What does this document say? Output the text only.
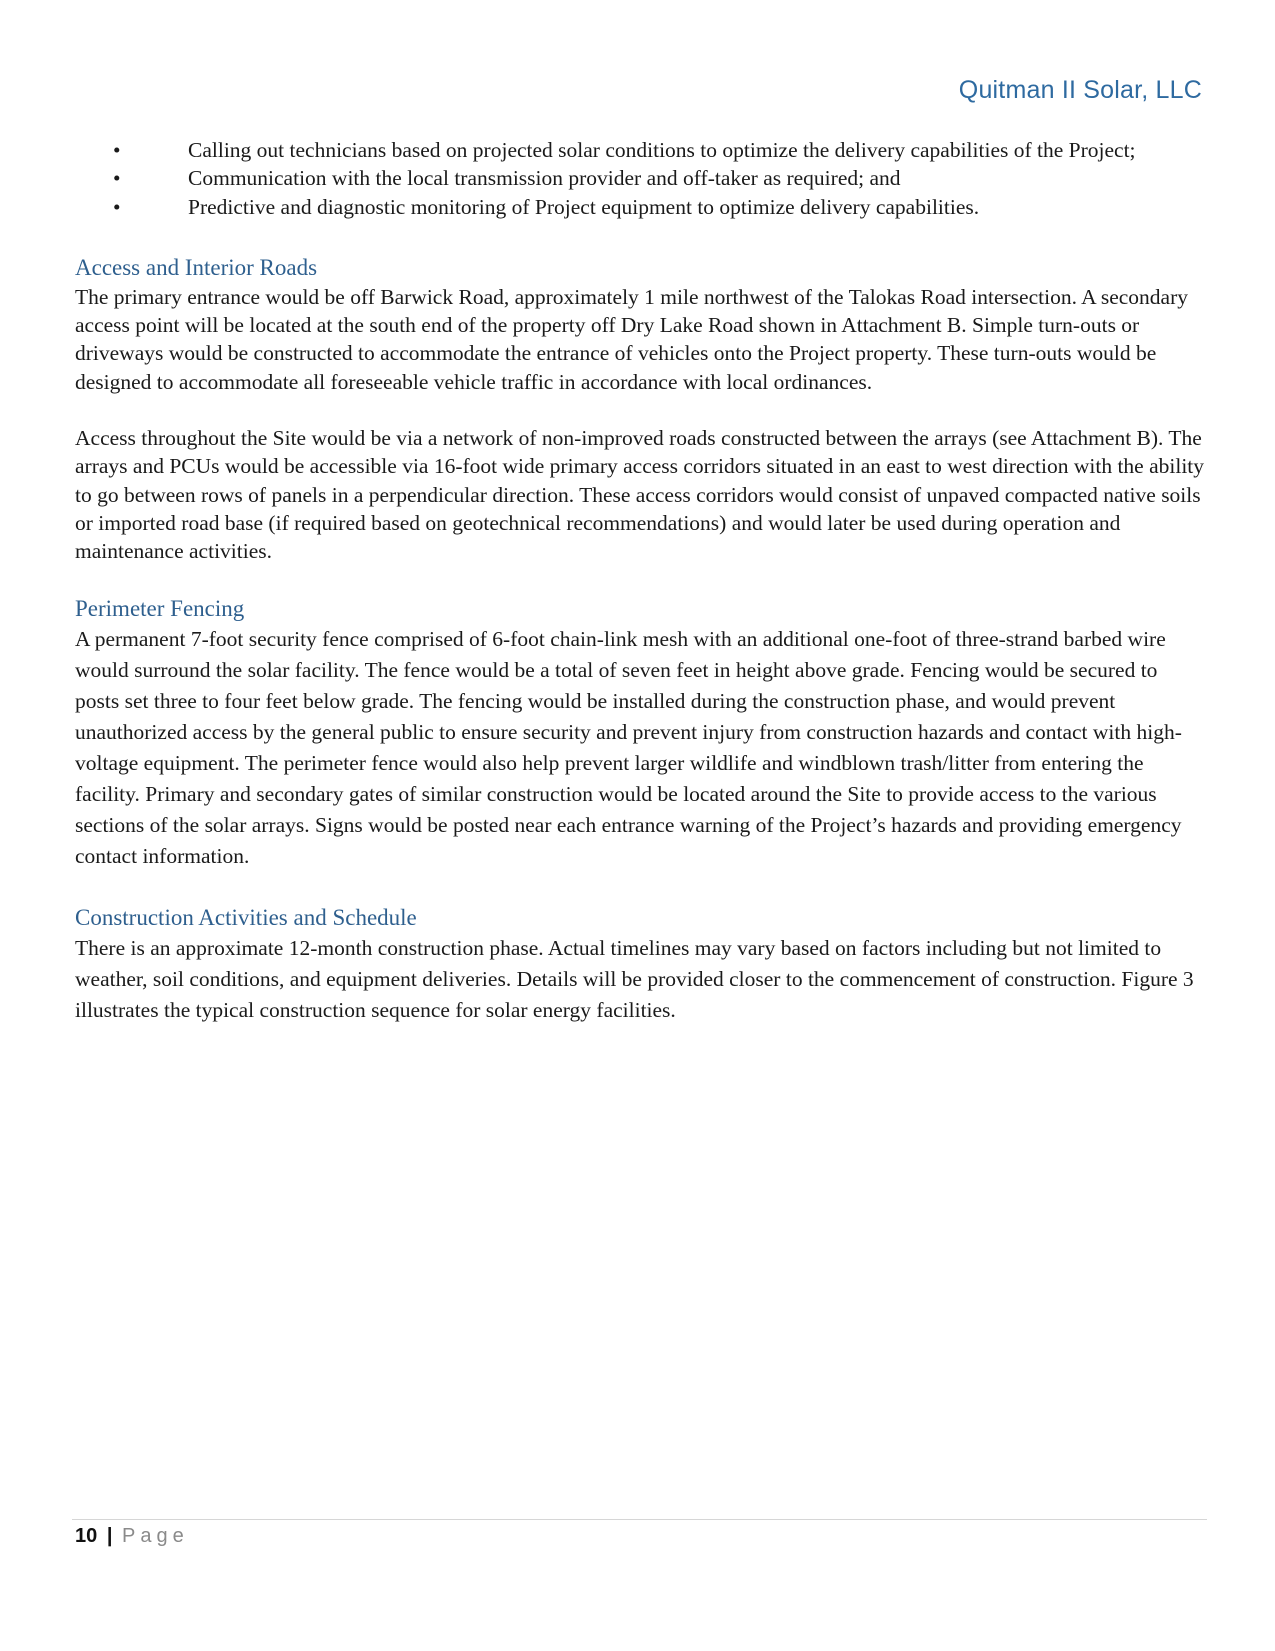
Quitman II Solar, LLC
•	Calling out technicians based on projected solar conditions to optimize the delivery capabilities of the Project;
•	Communication with the local transmission provider and off-taker as required; and
•	Predictive and diagnostic monitoring of Project equipment to optimize delivery capabilities.
Access and Interior Roads

The primary entrance would be off Barwick Road, approximately 1 mile northwest of the Talokas Road intersection. A secondary access point will be located at the south end of the property off Dry Lake Road shown in Attachment B. Simple turn-outs or driveways would be constructed to accommodate the entrance of vehicles onto the Project property. These turn-outs would be designed to accommodate all foreseeable vehicle traffic in accordance with local ordinances.

Access throughout the Site would be via a network of non-improved roads constructed between the arrays (see Attachment B). The arrays and PCUs would be accessible via 16-foot wide primary access corridors situated in an east to west direction with the ability to go between rows of panels in a perpendicular direction. These access corridors would consist of unpaved compacted native soils or imported road base (if required based on geotechnical recommendations) and would later be used during operation and maintenance activities.

Perimeter Fencing

A permanent 7-foot security fence comprised of 6-foot chain-link mesh with an additional one-foot of three-strand barbed wire would surround the solar facility. The fence would be a total of seven feet in height above grade. Fencing would be secured to posts set three to four feet below grade. The fencing would be installed during the construction phase, and would prevent unauthorized access by the general public to ensure security and prevent injury from construction hazards and contact with high-voltage equipment. The perimeter fence would also help prevent larger wildlife and windblown trash/litter from entering the facility. Primary and secondary gates of similar construction would be located around the Site to provide access to the various sections of the solar arrays. Signs would be posted near each entrance warning of the Project’s hazards and providing emergency contact information.

Construction Activities and Schedule

There is an approximate 12-month construction phase. Actual timelines may vary based on factors including but not limited to weather, soil conditions, and equipment deliveries. Details will be provided closer to the commencement of construction. Figure 3 illustrates the typical construction sequence for solar energy facilities.

10 | Page
